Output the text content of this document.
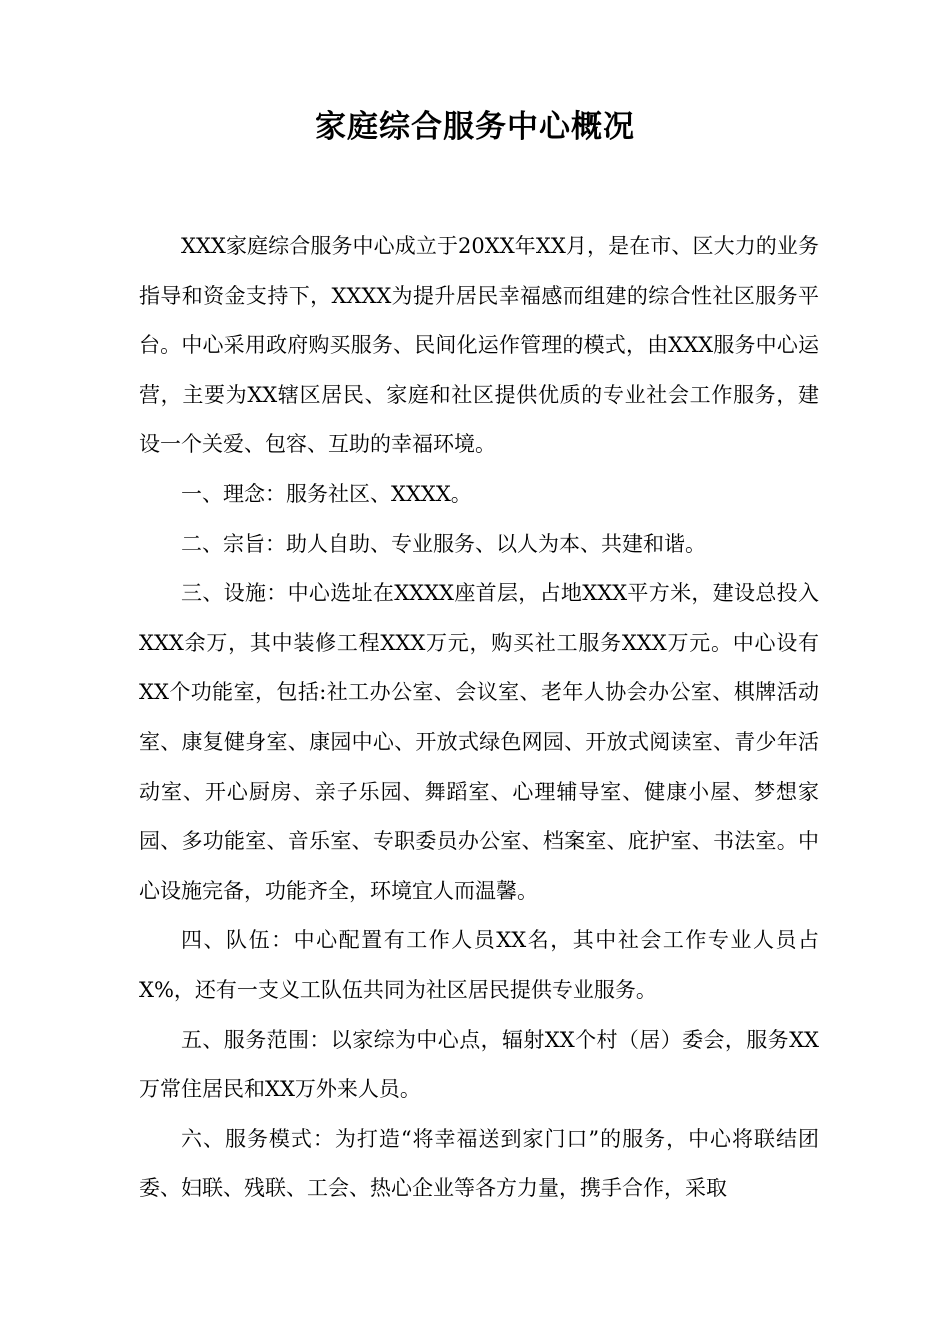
家庭综合服务中心概况

XXX家庭综合服务中心成立于20XX年XX月，是在市、区大力的业务指导和资金支持下，XXXX为提升居民幸福感而组建的综合性社区服务平台。中心采用政府购买服务、民间化运作管理的模式，由XXX服务中心运营，主要为XX辖区居民、家庭和社区提供优质的专业社会工作服务，建设一个关爱、包容、互助的幸福环境。

一、理念：服务社区、XXXX。

二、宗旨：助人自助、专业服务、以人为本、共建和谐。

三、设施：中心选址在XXXX座首层，占地XXX平方米，建设总投入XXX余万，其中装修工程XXX万元，购买社工服务XXX万元。中心设有XX个功能室，包括:社工办公室、会议室、老年人协会办公室、棋牌活动室、康复健身室、康园中心、开放式绿色网园、开放式阅读室、青少年活动室、开心厨房、亲子乐园、舞蹈室、心理辅导室、健康小屋、梦想家园、多功能室、音乐室、专职委员办公室、档案室、庇护室、书法室。中心设施完备，功能齐全，环境宜人而温馨。

四、队伍：中心配置有工作人员XX名，其中社会工作专业人员占X%，还有一支义工队伍共同为社区居民提供专业服务。

五、服务范围：以家综为中心点，辐射XX个村（居）委会，服务XX万常住居民和XX万外来人员。

六、服务模式：为打造“将幸福送到家门口”的服务，中心将联结团委、妇联、残联、工会、热心企业等各方力量，携手合作，采取
